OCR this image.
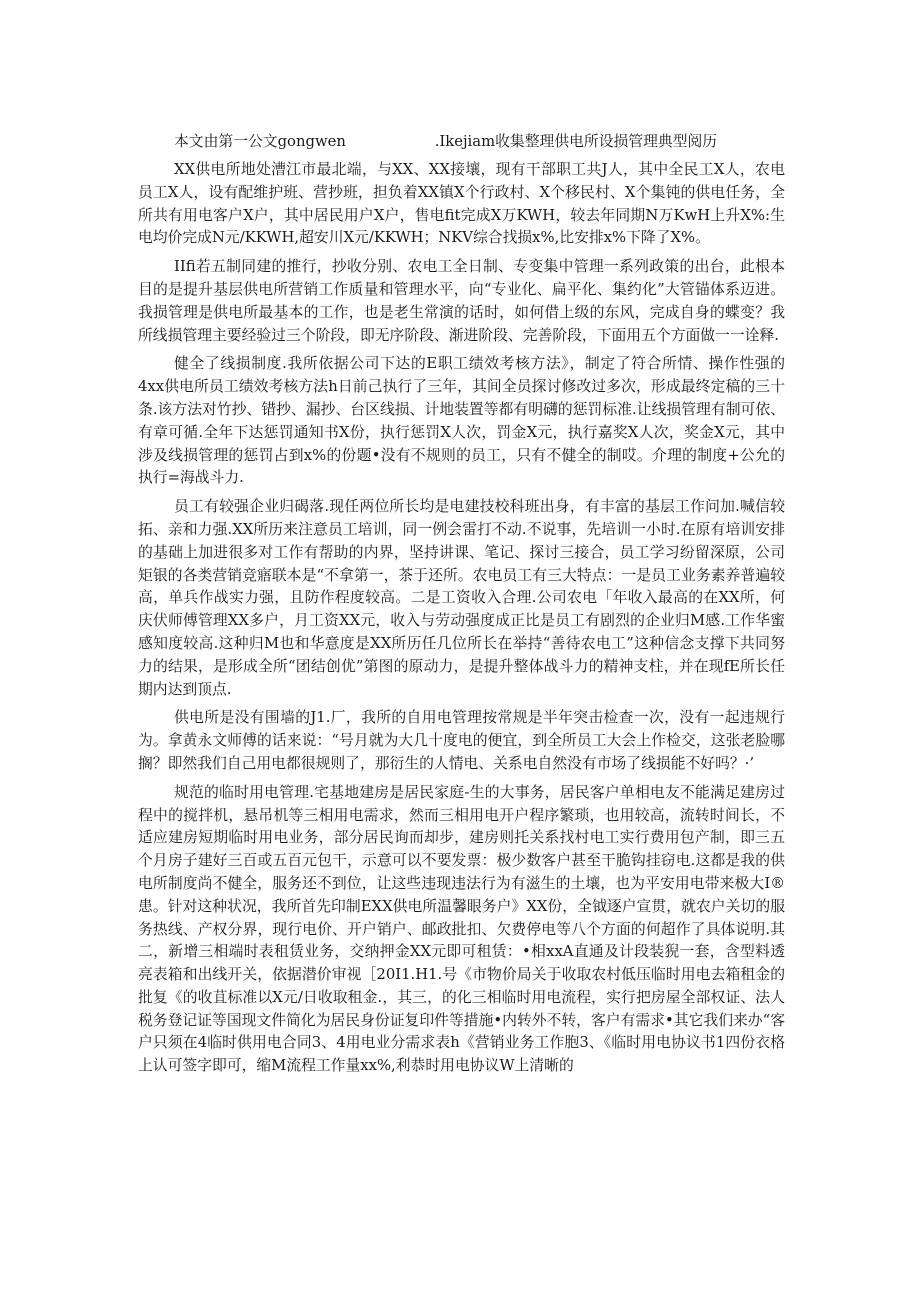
本文由第一公文gongwen　　　　　　.Ikejiam收集整理供电所设损管理典型阅历

XX供电所地处漕江市最北端，与XX、XX接壤，现有干部职工共J人，其中全民工X人，农电员工X人，设有配维护班、营抄班，担负着XX镇X个行政村、X个移民村、X个集钝的供电任务，全所共有用电客户X户，其中居民用户X户，售电fit完成X万KWH，较去年同期N万KwH上升X%:生电均价完成N元/KKWH,超安川X元/KKWH；NKV综合找损x%,比安排x%下降了X%。

IIfi若五制同建的推行，抄收分别、农电工全日制、专变集中管理一系列政策的出台，此根本目的是提升基层供电所营销工作质量和管理水平，向“专业化、扁平化、集约化”大管锚体系迈进。我损管理是供电所最基本的工作，也是老生常演的话时，如何借上级的东风，完成自身的蝶变？我所线损管理主要经验过三个阶段，即无序阶段、渐进阶段、完善阶段，下面用五个方面做一一诠释.

健全了线损制度.我所依据公司下达的E职工绩效考核方法》，制定了符合所情、操作性强的4xx供电所员工绩效考核方法h日前己执行了三年，其间全员探讨修改过多次，形成最终定稿的三十条.该方法对竹抄、错抄、漏抄、台区线损、计地装置等都有明礴的惩罚标准.让线损管理有制可依、有章可循.全年下达惩罚通知书X份，执行惩罚X人次，罚金X元，执行嘉奖X人次，奖金X元，其中涉及线损管理的惩罚占到x%的份题•没有不规则的员工，只有不健全的制哎。介理的制度+公允的执行=海战斗力.

员工有较强企业归碣落.现任两位所长均是电建技校科班出身，有丰富的基层工作问加.喊信较拓、亲和力强.XX所历来注意员工培训，同一例会雷打不动.不说事，先培训一小时.在原有培训安排的基础上加进很多对工作有帮助的内界，坚持讲课、笔记、探讨三接合，员工学习纷留深原，公司矩银的各类营销竞寤联本是“不拿第一，茶于还所。农电员工有三大特点：一是员工业务素养普遍较高，单兵作战实力强，且防作程度较高。二是工资收入合理.公司农电「年收入最高的在XX所，何庆伏师傅管理XX多户，月工资XX元，收入与劳动强度成正比是员工有剧烈的企业归M感.工作华蜜感知度较高.这种归M也和华意度是XX所历任几位所长在举持“善待农电工”这种信念支撑下共同努力的结果，是形成全所“团结创优”第图的原动力，是提升整体战斗力的精神支柱，并在现fE所长任期内达到顶点.

供电所是没有围墙的J1.厂，我所的自用电管理按常规是半年突击检查一次，没有一起违规行为。拿黄永文师傅的话来说：“号月就为大几十度电的便宜，到全所员工大会上作检交，这张老脸哪搁？即然我们自己用电都很规则了，那衍生的人情电、关系电自然没有市场了线损能不好吗？·’

规范的临时用电管理.宅基地建房是居民家庭-生的大事务，居民客户单相电友不能满足建房过程中的搅拌机，悬吊机等三相用电需求，然而三相用电开户程序繁琐，也用较高，流转时间长，不适应建房短期临时用电业务，部分居民询而却步，建房则托关系找村电工实行费用包产制，即三五个月房子建好三百或五百元包干，示意可以不要发票：极少数客户甚至干脆钩挂窃电.这都是我的供电所制度尚不健全，服务还不到位，让这些违现违法行为有滋生的土壤，也为平安用电带来极大I®患。针对这种状况，我所首先印制EXX供电所温馨眼务户》XX份，全钺逐户宣贯，就农户关切的服务热线、产权分界，现行电价、开户销户、邮政批扣、欠费停电等八个方面的何超作了具体说明.其二，新增三相端时表租赁业务，交纳押金XX元即可租赁：•相xxA直通及计段装猊一套，含型料透亮表箱和出线开关，依据潜价审视［20I1.H1.号《市物价局关于收取农村低压临时用电去箱租金的批复《的收苴标准以X元/日收取租金.，其三，的化三相临时用电流程，实行把房屋全部权证、法人税务登记证等国现文件简化为居民身份证复印件等措施•内转外不转，客户有需求•其它我们来办“客户只须在4临时供用电合同3、4用电业分需求表h《营销业务工作胞3、《临时用电协议书1四份衣格上认可签字即可，缩M流程工作量xx%,利恭时用电协议W上清晰的
